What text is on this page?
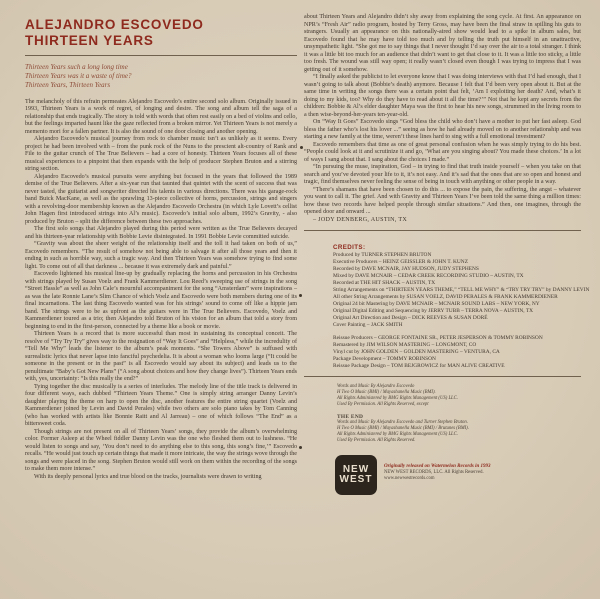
ALEJANDRO ESCOVEDO
THIRTEEN YEARS

Thirteen Years such a long long time

Thirteen Years was it a waste of time?

Thirteen Years, Thirteen Years

The melancholy of this refrain permeates Alejandro Escovedo’s entire second solo album. Originally issued in 1993, Thirteen Years is a work of regret, of longing and desire. The song and album tell the saga of a relationship that ends tragically. The story is told with words that often rest easily on a bed of violins and cello, but the feelings imparted haunt like the gaze reflected from a broken mirror. Yet Thirteen Years is not merely a memento mori for a fallen partner. It is also the sound of one door closing and another opening.

Alejandro Escovedo’s musical journey from rock to chamber music isn’t as unlikely as it seems. Every project he had been involved with – from the punk rock of the Nuns to the prescient alt-country of Rank and File to the guitar crunch of The True Believers – had a core of honesty. Thirteen Years focuses all of these musical experiences to a pinpoint that then expands with the help of producer Stephen Bruton and a stirring string section.

Alejandro Escovedo’s musical pursuits were anything but focused in the years that followed the 1989 demise of the True Believers. After a six-year run that taunted that quintet with the scent of success that was never tasted, the guitarist and songwriter directed his talents in various directions. There was his garage-rock band Buick MacKane, as well as the sprawling 13-piece collective of horns, percussion, strings and singers with a revolving-door membership known as the Alejandro Escovedo Orchestra (in which Lyle Lovett’s cellist John Hagen first introduced strings into Al’s music). Escovedo’s initial solo album, 1992’s Gravity, - also produced by Bruton – split the difference between these two approaches.

The first solo songs that Alejandro played during this period were written as the True Believers decayed and his thirteen-year relationship with Bobbie Levie disintegrated. In 1991 Bobbie Levie committed suicide.

“Gravity was about the sheer weight of the relationship itself and the toll it had taken on both of us,” Escovedo remembers. “The result of somehow not being able to salvage it after all those years and then it ending in such as horrible way, such a tragic way. And then Thirteen Years was somehow trying to find some light. To come out of all that darkness ... because it was extremely dark and painful.”

Escovedo lightened his musical line-up by gradually replacing the horns and percussion in his Orchestra with strings played by Susan Voelz and Frank Kammerdiener. Lou Reed’s sweeping use of strings in the song “Street Hassle” as well as John Cale’s mournful accompaniment for the song “Amsterdam” were inspirations – as was the late Ronnie Lane’s Slim Chance of which Voelz and Escovedo were both members during one of its final incarnations. The last thing Escovedo wanted was for his strings’ sound to come off like a hippie jam band. The strings were to be as upfront as the guitars were in The True Believers. Escovedo, Voelz and Kammerdiener toured as a trio; then Alejandro told Bruton of his vision for an album that told a story from beginning to end in the first-person, connected by a theme like a book or movie.

Thirteen Years is a record that is more successful than most in sustaining its conceptual conceit. The resolve of “Try Try Try” gives way to the resignation of “Way It Goes” and “Helpless,” while the incredulity of “Tell Me Why” leads the listener to the album’s peak moments. “She Towers Above” is suffused with surrealistic lyrics that never lapse into fanciful psychedelia. It is about a woman who looms large (“It could be someone in the present or in the past” is all Escovedo would say about its subject) and leads us to the penultimate “Baby’s Got New Plans” (“A song about choices and how they change lives”). Thirteen Years ends with, yes, uncertainty: “Is this really the end?”

Tying together the disc musically is a series of interludes. The melody line of the title track is delivered in four different ways, each dubbed “Thirteen Years Theme.” One is simply string arranger Danny Levin’s daughter playing the theme on harp to open the disc, another features the entire string quartet (Voelz and Kammerdiener joined by Levin and David Perales) while two others are solo piano takes by Tom Canning (who has worked with artists like Bonnie Raitt and Al Jarreau) – one of which follows “The End” as a bittersweet coda.

Though strings are not present on all of Thirteen Years’ songs, they provide the album’s overwhelming color. Former Asleep at the Wheel fiddler Danny Levin was the one who fleshed them out to lushness. “He would listen to songs and say, ‘You don’t need to do anything else to this song, this song’s fine,’” Escovedo recalls. “He would just touch up certain things that made it more intricate, the way the strings wove through the songs and were placed in the song. Stephen Bruton would still work on them within the recording of the songs to make them more intense.”

With its deeply personal lyrics and true blood on the tracks, journalists were drawn to writing

about Thirteen Years and Alejandro didn’t shy away from explaining the song cycle. At first. An appearance on NPR’s “Fresh Air” radio program, hosted by Terry Gross, may have been the final straw in spilling his guts to strangers. Usually an appearance on this nationally-aired show would lead to a spike in album sales, but Escovedo found that he may have told too much and by telling the truth put himself in an unattractive, unsympathetic light. “She got me to say things that I never thought I’d say over the air to a total stranger. I think it was a little bit too much for an audience that didn’t want to get that close to it. It was a little too sticky, a little too fresh. The wound was still way open; it really wasn’t closed even though I was trying to impress that I was getting out of it somehow.

“I finally asked the publicist to let everyone know that I was doing interviews with that I’d had enough, that I wasn’t going to talk about (Bobbie’s death) anymore. Because I felt that I’d been very open about it. But at the same time in writing the songs there was a certain point that felt, ‘Am I exploiting her death? And, what’s it doing to my kids, too? Why do they have to read about it all the time?’” Not that he kept any secrets from the children: Bobbie & Al’s elder daughter Maya was the first to hear his new songs, strummed in the living room to a then wise-beyond-her-years ten-year-old.

On “Way It Goes” Escovedo sings “God bless the child who don’t have a mother to put her fast asleep. God bless the father who’s lost his lover ...” seeing as how he had already moved on to another relationship and was starting a new family at the time, weren’t these lines hard to sing with a full emotional investment?

Escovedo remembers that time as one of great personal confusion when he was simply trying to do his best. “People could look at it and scrutinize it and go, ‘What are you singing about? You made these choices.’ In a lot of ways I sang about that. I sang about the choices I made.”

“In pursuing the muse, inspiration, God – in trying to find that truth inside yourself – when you take on that search and you’ve devoted your life to it, it’s not easy. And it’s sad that the ones that are so open and honest and tragic, find themselves never feeling the sense of being in touch with anything or other people in a way.

“There’s shamans that have been chosen to do this ... to expose the pain, the suffering, the angst – whatever you want to call it. The grief. And with Gravity and Thirteen Years I’ve been told the same thing a million times: how these two records have helped people through similar situations.” And then, one imagines, through the opened door and onward ...

– JODY DENBERG, AUSTIN, TX

CREDITS:
Produced by TURNER STEPHEN BRUTON
Executive Producers – HEINZ GEISSLER & JOHN T. KUNZ
Recorded by DAVE MCNAIR, JAY HUDSON, JUDY STEPHENS
Mixed by DAVE MCNAIR – CEDAR CREEK RECORDING STUDIO – AUSTIN, TX
Recorded at THE HIT SHACK – AUSTIN, TX
String Arrangements on “THIRTEEN YEARS THEME,” “TELL ME WHY” & “TRY TRY TRY” by DANNY LEVIN
All other String Arrangements by SUSAN VOELZ, DAVID PERALES & FRANK KAMMERDIENER
Original 24 bit Mastering by DAVE MCNAIR – MCNAIR SOUND LABS – NEW YORK, NY
Original Digital Editing and Sequencing by JERRY TUBB – TERRA NOVA – AUSTIN, TX
Original Art Direction and Design – DICK REEVES & SUSAN DORÉ
Cover Painting – JACK SMITH
Reissue Producers – GEORGE FONTAINE SR., PETER JESPERSON & TOMMY ROBINSON
Remastered by JIM WILSON MASTERING – LONGMONT, CO
Vinyl cut by JOHN GOLDEN – GOLDEN MASTERING – VENTURA, CA
Package Development – TOMMY ROBINSON
Reissue Package Design – TOM BEJGROWICZ for MAN ALIVE CREATIVE
Words and Music By Alejandro Escovedo
H Two O Music (BMI) / Mayashanella Music (BMI).
All Rights Administered by BMG Rights Management (US) LLC.
Used By Permission. All Rights Reserved, except
THE END
Words and Music By Alejandro Escovedo and Turner Stephen Bruton.
H Two O Music (BMI) / Mayashanella Music (BMI) / Brutunes (BMI).
All Rights Administered by BMG Rights Management (US) LLC.
Used By Permission. All Rights Reserved.
NEW
WEST
Originally released on Watermelon Records in 1993
NEW WEST RECORDS, LLC. All Rights Reserved.
www.newwestrecords.com
